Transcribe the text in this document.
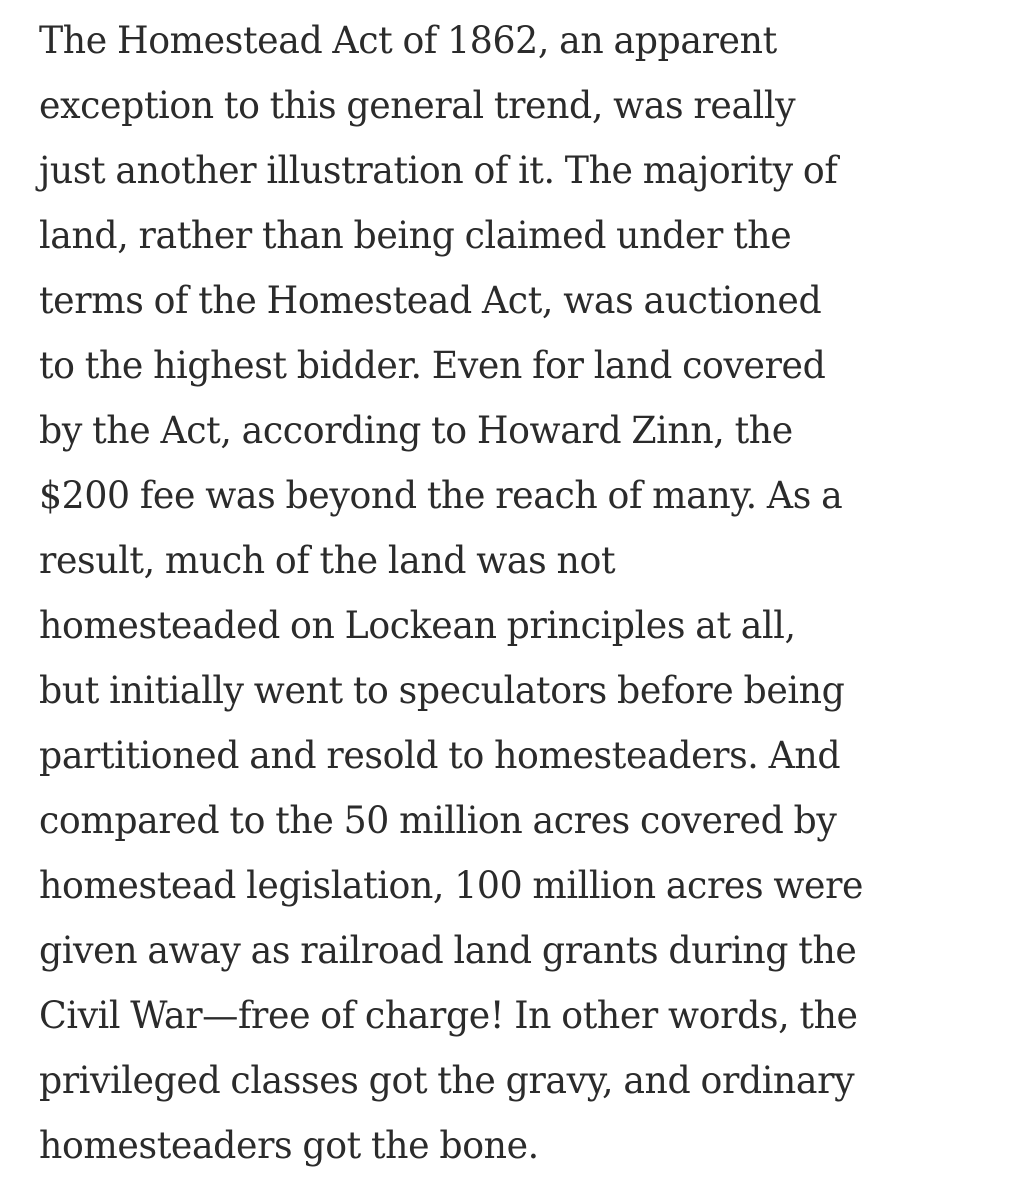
The Homestead Act of 1862, an apparent
exception to this general trend, was really
just another illustration of it. The majority of
land, rather than being claimed under the
terms of the Homestead Act, was auctioned
to the highest bidder. Even for land covered
by the Act, according to Howard Zinn, the
$200 fee was beyond the reach of many. As a
result, much of the land was not
homesteaded on Lockean principles at all,
but initially went to speculators before being
partitioned and resold to homesteaders. And
compared to the 50 million acres covered by
homestead legislation, 100 million acres were
given away as railroad land grants during the
Civil War—free of charge! In other words, the
privileged classes got the gravy, and ordinary
homesteaders got the bone.
